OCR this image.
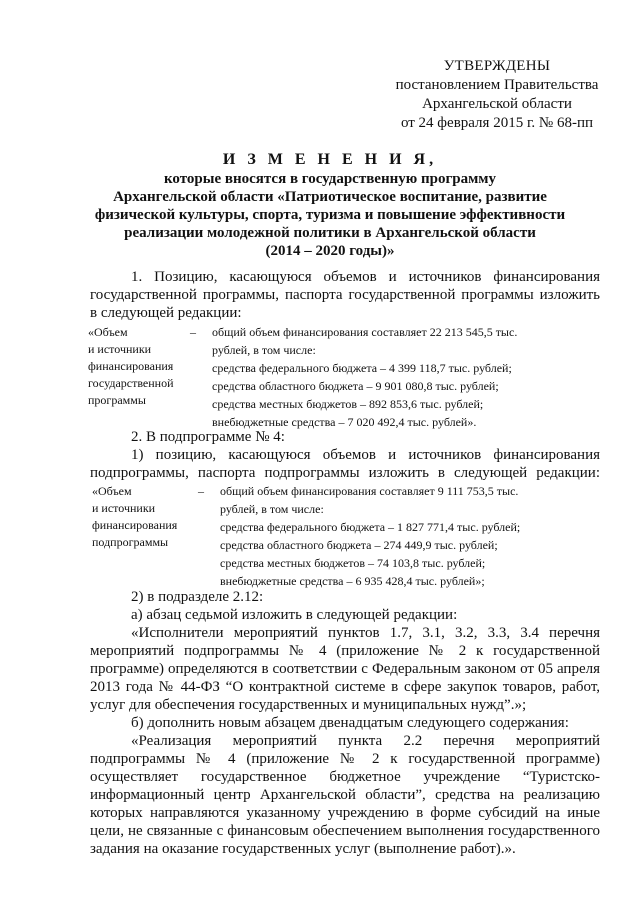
УТВЕРЖДЕНЫ
постановлением Правительства
Архангельской области
от 24 февраля 2015 г. № 68-пп
И З М Е Н Е Н И Я,
которые вносятся в государственную программу
Архангельской области «Патриотическое воспитание, развитие
физической культуры, спорта, туризма и повышение эффективности
реализации молодежной политики в Архангельской области
(2014 – 2020 годы)»
1. Позицию, касающуюся объемов и источников финансирования
государственной программы, паспорта государственной программы изложить
в следующей редакции:
«Объем
и источники
финансирования
государственной
программы
– общий объем финансирования составляет 22 213 545,5 тыс.
рублей, в том числе:
средства федерального бюджета – 4 399 118,7 тыс. рублей;
средства областного бюджета – 9 901 080,8 тыс. рублей;
средства местных бюджетов – 892 853,6 тыс. рублей;
внебюджетные средства – 7 020 492,4 тыс. рублей».
2. В подпрограмме № 4:
1) позицию, касающуюся объемов и источников финансирования
подпрограммы, паспорта подпрограммы изложить в следующей редакции:
«Объем
и источники
финансирования
подпрограммы
– общий объем финансирования составляет 9 111 753,5 тыс.
рублей, в том числе:
средства федерального бюджета – 1 827 771,4 тыс. рублей;
средства областного бюджета – 274 449,9 тыс. рублей;
средства местных бюджетов – 74 103,8 тыс. рублей;
внебюджетные средства – 6 935 428,4 тыс. рублей»;
2) в подразделе 2.12:
а) абзац седьмой изложить в следующей редакции:
«Исполнители мероприятий пунктов 1.7, 3.1, 3.2, 3.3, 3.4 перечня
мероприятий подпрограммы № 4 (приложение № 2 к государственной
программе) определяются в соответствии с Федеральным законом от 05 апреля
2013 года № 44-ФЗ “О контрактной системе в сфере закупок товаров, работ,
услуг для обеспечения государственных и муниципальных нужд”.»;
б) дополнить новым абзацем двенадцатым следующего содержания:
«Реализация мероприятий пункта 2.2 перечня мероприятий
подпрограммы № 4 (приложение № 2 к государственной программе)
осуществляет государственное бюджетное учреждение “Туристско-
информационный центр Архангельской области”, средства на реализацию
которых направляются указанному учреждению в форме субсидий на иные
цели, не связанные с финансовым обеспечением выполнения государственного
задания на оказание государственных услуг (выполнение работ).».
